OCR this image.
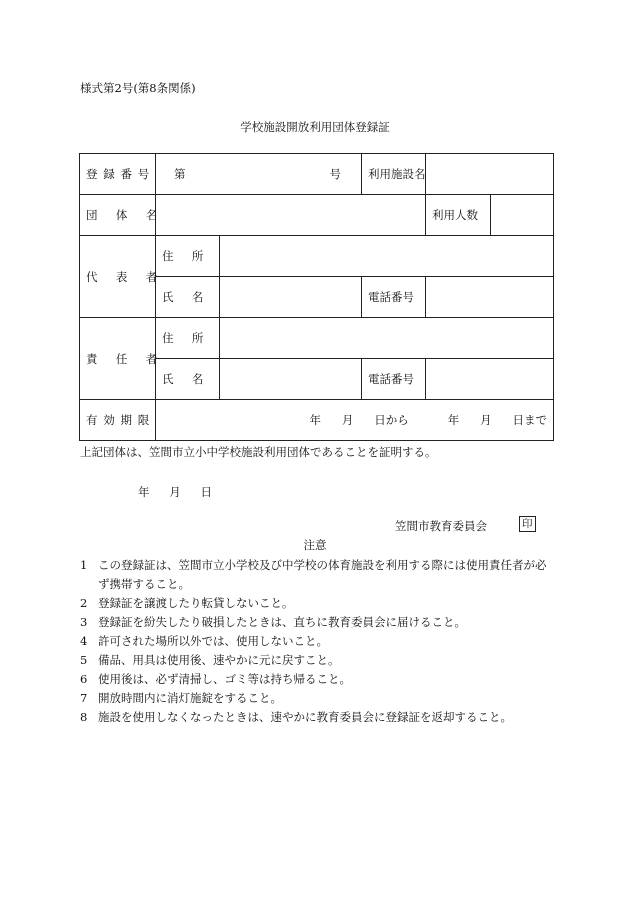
様式第2号(第8条関係)
学校施設開放利用団体登録証
登録番号	第 号		利用施設名	
団体名				利用人数

代表者	住所			
	氏名		電話番号	
責任者	住所			
	氏名		電話番号	
有効期限	年 月 日から 年 月 日まで			
上記団体は、笠間市立小中学校施設利用団体であることを証明する。
年 月 日
笠間市教育委員会	印
注意
1 この登録証は、笠間市立小学校及び中学校の体育施設を利用する際には使用責任者が必ず携帯すること。
2 登録証を譲渡したり転貸しないこと。
3 登録証を紛失したり破損したときは、直ちに教育委員会に届けること。
4 許可された場所以外では、使用しないこと。
5 備品、用具は使用後、速やかに元に戻すこと。
6 使用後は、必ず清掃し、ゴミ等は持ち帰ること。
7 開放時間内に消灯施錠をすること。
8 施設を使用しなくなったときは、速やかに教育委員会に登録証を返却すること。
